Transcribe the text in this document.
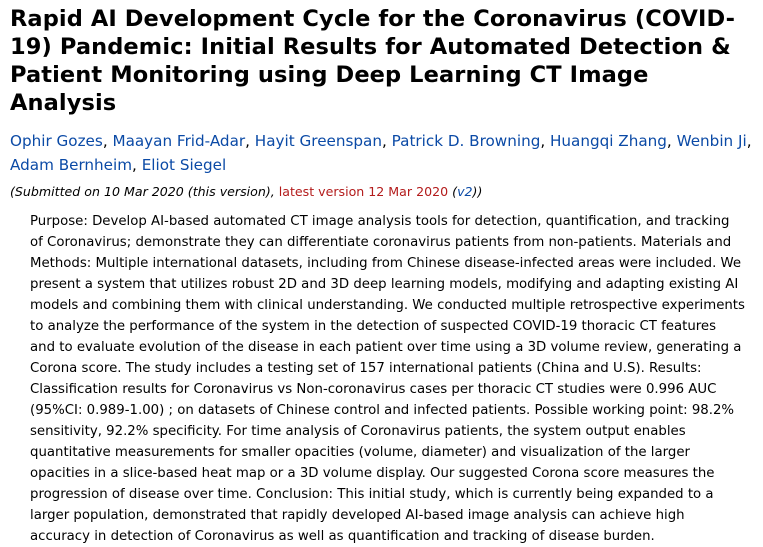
Rapid AI Development Cycle for the Coronavirus (COVID-19) Pandemic: Initial Results for Automated Detection & Patient Monitoring using Deep Learning CT Image Analysis
Ophir Gozes, Maayan Frid-Adar, Hayit Greenspan, Patrick D. Browning, Huangqi Zhang, Wenbin Ji, Adam Bernheim, Eliot Siegel
(Submitted on 10 Mar 2020 (this version), latest version 12 Mar 2020 (v2))
Purpose: Develop AI-based automated CT image analysis tools for detection, quantification, and tracking of Coronavirus; demonstrate they can differentiate coronavirus patients from non-patients. Materials and Methods: Multiple international datasets, including from Chinese disease-infected areas were included. We present a system that utilizes robust 2D and 3D deep learning models, modifying and adapting existing AI models and combining them with clinical understanding. We conducted multiple retrospective experiments to analyze the performance of the system in the detection of suspected COVID-19 thoracic CT features and to evaluate evolution of the disease in each patient over time using a 3D volume review, generating a Corona score. The study includes a testing set of 157 international patients (China and U.S). Results: Classification results for Coronavirus vs Non-coronavirus cases per thoracic CT studies were 0.996 AUC (95%CI: 0.989-1.00) ; on datasets of Chinese control and infected patients. Possible working point: 98.2% sensitivity, 92.2% specificity. For time analysis of Coronavirus patients, the system output enables quantitative measurements for smaller opacities (volume, diameter) and visualization of the larger opacities in a slice-based heat map or a 3D volume display. Our suggested Corona score measures the progression of disease over time. Conclusion: This initial study, which is currently being expanded to a larger population, demonstrated that rapidly developed AI-based image analysis can achieve high accuracy in detection of Coronavirus as well as quantification and tracking of disease burden.
